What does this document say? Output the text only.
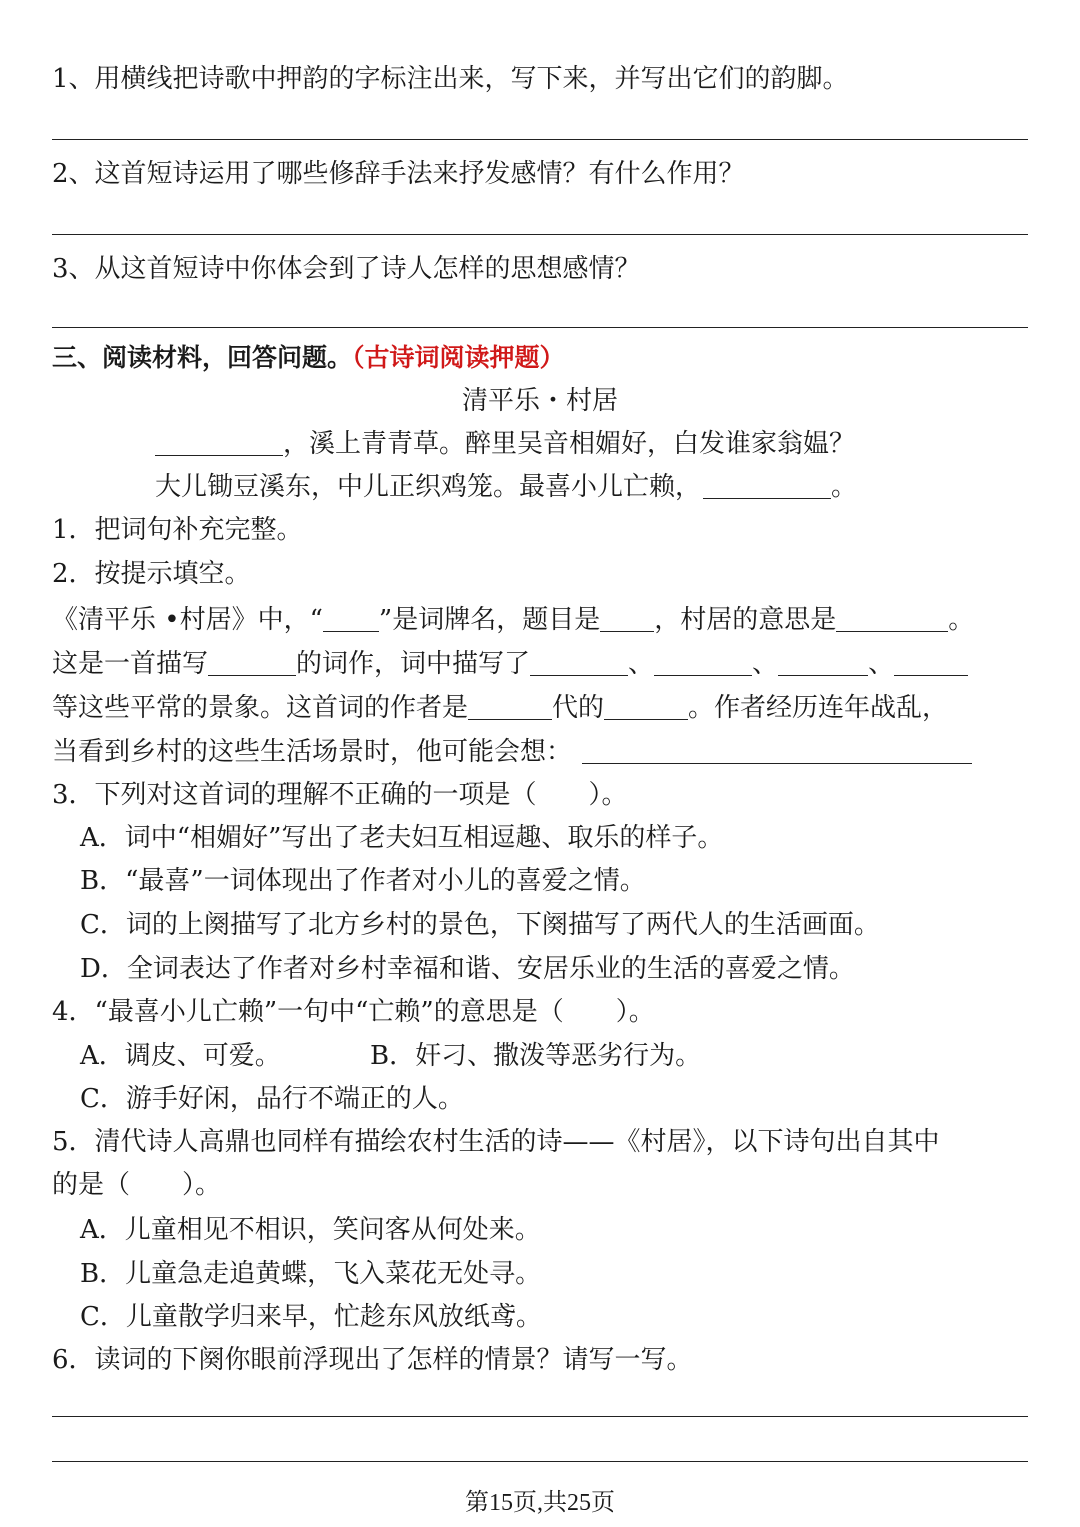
1、用横线把诗歌中押韵的字标注出来，写下来，并写出它们的韵脚。
2、这首短诗运用了哪些修辞手法来抒发感情？有什么作用？
3、从这首短诗中你体会到了诗人怎样的思想感情？
三、阅读材料，回答问题。（古诗词阅读押题）
清平乐・村居
，溪上青青草。醉里吴音相媚好，白发谁家翁媪？
大儿锄豆溪东，中儿正织鸡笼。最喜小儿亡赖，	。
1．把词句补充完整。
2．按提示填空。
《清平乐 •村居》中，“ ”是词牌名，题目是 ，村居的意思是	。
这是一首描写	的词作，词中描写了	、	、	、
等这些平常的景象。这首词的作者是	代的	。作者经历连年战乱，
当看到乡村的这些生活场景时，他可能会想：
3．下列对这首词的理解不正确的一项是（　　）。
A．词中“相媚好”写出了老夫妇互相逗趣、取乐的样子。
B．“最喜”一词体现出了作者对小儿的喜爱之情。
C．词的上阕描写了北方乡村的景色，下阕描写了两代人的生活画面。
D．全词表达了作者对乡村幸福和谐、安居乐业的生活的喜爱之情。
4．“最喜小儿亡赖”一句中“亡赖”的意思是（　　）。
A．调皮、可爱。	B．奸刁、撒泼等恶劣行为。
C．游手好闲，品行不端正的人。
5．清代诗人高鼎也同样有描绘农村生活的诗——《村居》，以下诗句出自其中
的是（　　）。
A．儿童相见不相识，笑问客从何处来。
B．儿童急走追黄蝶，飞入菜花无处寻。
C．儿童散学归来早，忙趁东风放纸鸢。
6．读词的下阕你眼前浮现出了怎样的情景？请写一写。
第15页,共25页
